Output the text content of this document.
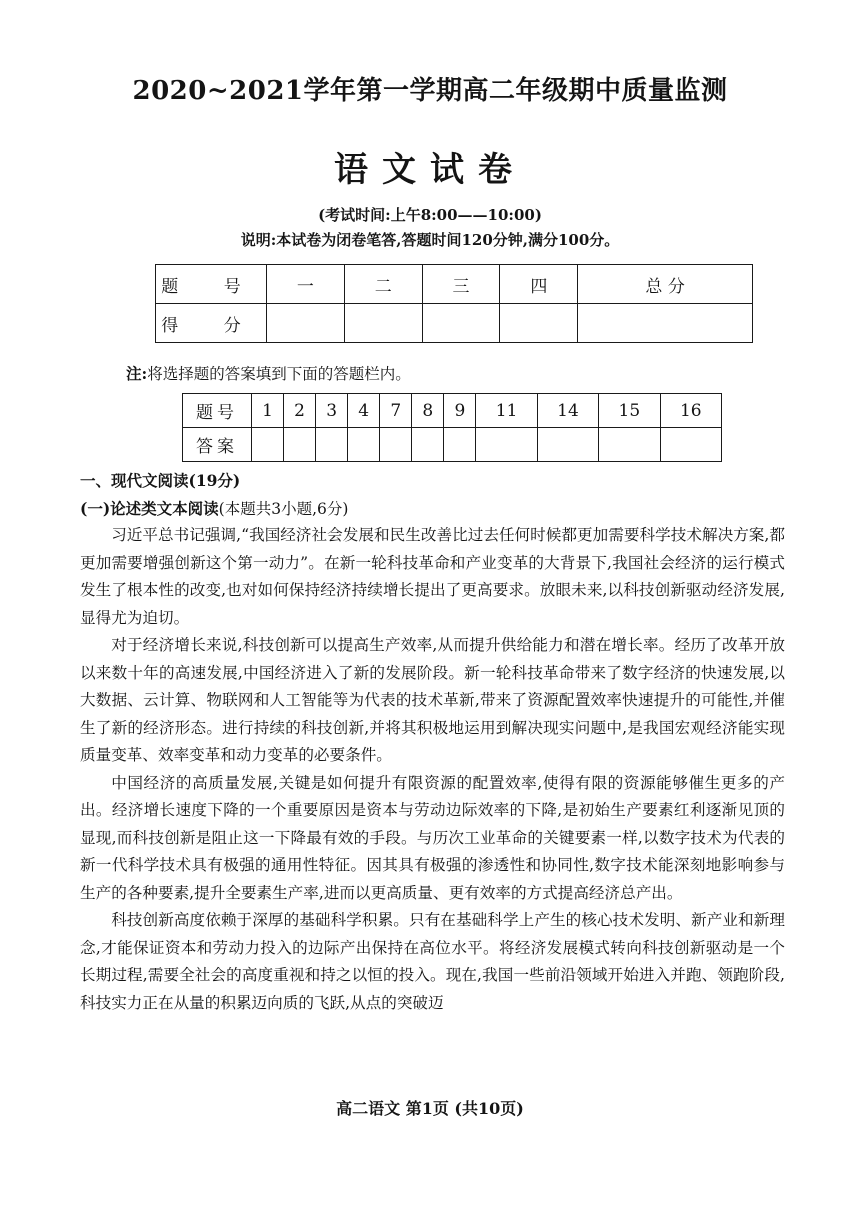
2020~2021学年第一学期高二年级期中质量监测
语文试卷
(考试时间:上午8:00——10:00)
说明:本试卷为闭卷笔答,答题时间120分钟,满分100分。
题 号	一	二	三	四	总 分
得 分					
注:将选择题的答案填到下面的答题栏内。
题号	1	2	3	4	7	8	9	11	14	15	16
答案											
一、现代文阅读(19分)
(一)论述类文本阅读(本题共3小题,6分)

习近平总书记强调,“我国经济社会发展和民生改善比过去任何时候都更加需要科学技术解决方案,都更加需要增强创新这个第一动力”。在新一轮科技革命和产业变革的大背景下,我国社会经济的运行模式发生了根本性的改变,也对如何保持经济持续增长提出了更高要求。放眼未来,以科技创新驱动经济发展,显得尤为迫切。

对于经济增长来说,科技创新可以提高生产效率,从而提升供给能力和潜在增长率。经历了改革开放以来数十年的高速发展,中国经济进入了新的发展阶段。新一轮科技革命带来了数字经济的快速发展,以大数据、云计算、物联网和人工智能等为代表的技术革新,带来了资源配置效率快速提升的可能性,并催生了新的经济形态。进行持续的科技创新,并将其积极地运用到解决现实问题中,是我国宏观经济能实现质量变革、效率变革和动力变革的必要条件。

中国经济的高质量发展,关键是如何提升有限资源的配置效率,使得有限的资源能够催生更多的产出。经济增长速度下降的一个重要原因是资本与劳动边际效率的下降,是初始生产要素红利逐渐见顶的显现,而科技创新是阻止这一下降最有效的手段。与历次工业革命的关键要素一样,以数字技术为代表的新一代科学技术具有极强的通用性特征。因其具有极强的渗透性和协同性,数字技术能深刻地影响参与生产的各种要素,提升全要素生产率,进而以更高质量、更有效率的方式提高经济总产出。

科技创新高度依赖于深厚的基础科学积累。只有在基础科学上产生的核心技术发明、新产业和新理念,才能保证资本和劳动力投入的边际产出保持在高位水平。将经济发展模式转向科技创新驱动是一个长期过程,需要全社会的高度重视和持之以恒的投入。现在,我国一些前沿领域开始进入并跑、领跑阶段,科技实力正在从量的积累迈向质的飞跃,从点的突破迈

高二语文 第1页 (共10页)
